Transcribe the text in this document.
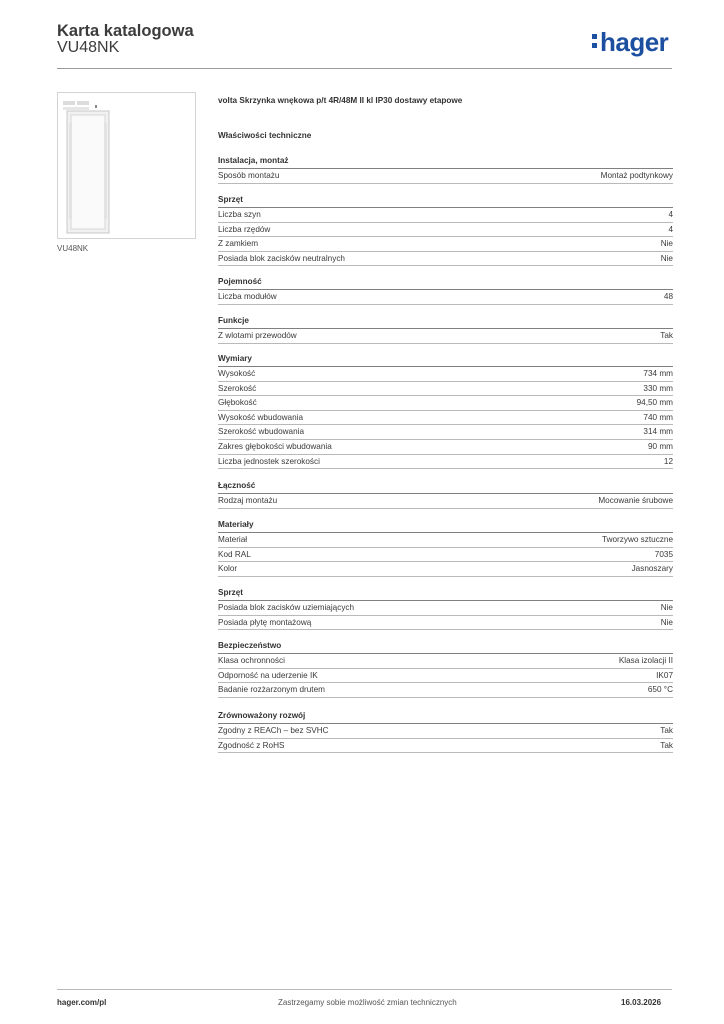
Karta katalogowa
VU48NK	hager
VU48NK
volta Skrzynka wnękowa p/t 4R/48M II kl IP30 dostawy etapowe
Właściwości techniczne
Instalacja, montaż
Sposób montażu	Montaż podtynkowy
Sprzęt
Liczba szyn	4
Liczba rzędów	4
Z zamkiem	Nie
Posiada blok zacisków neutralnych	Nie
Pojemność
Liczba modułów	48
Funkcje
Z wlotami przewodów	Tak
Wymiary
Wysokość	734 mm
Szerokość	330 mm
Głębokość	94,50 mm
Wysokość wbudowania	740 mm
Szerokość wbudowania	314 mm
Zakres głębokości wbudowania	90 mm
Liczba jednostek szerokości	12
Łączność
Rodzaj montażu	Mocowanie śrubowe
Materiały
Materiał	Tworzywo sztuczne
Kod RAL	7035
Kolor	Jasnoszary
Sprzęt
Posiada blok zacisków uziemiających	Nie
Posiada płytę montażową	Nie
Bezpieczeństwo
Klasa ochronności	Klasa izolacji II
Odporność na uderzenie IK	IK07
Badanie rozżarzonym drutem	650 °C
Zrównoważony rozwój
Zgodny z REACh – bez SVHC	Tak
Zgodność z RoHS	Tak
hager.com/pl	Zastrzegamy sobie możliwość zmian technicznych	16.03.2026
